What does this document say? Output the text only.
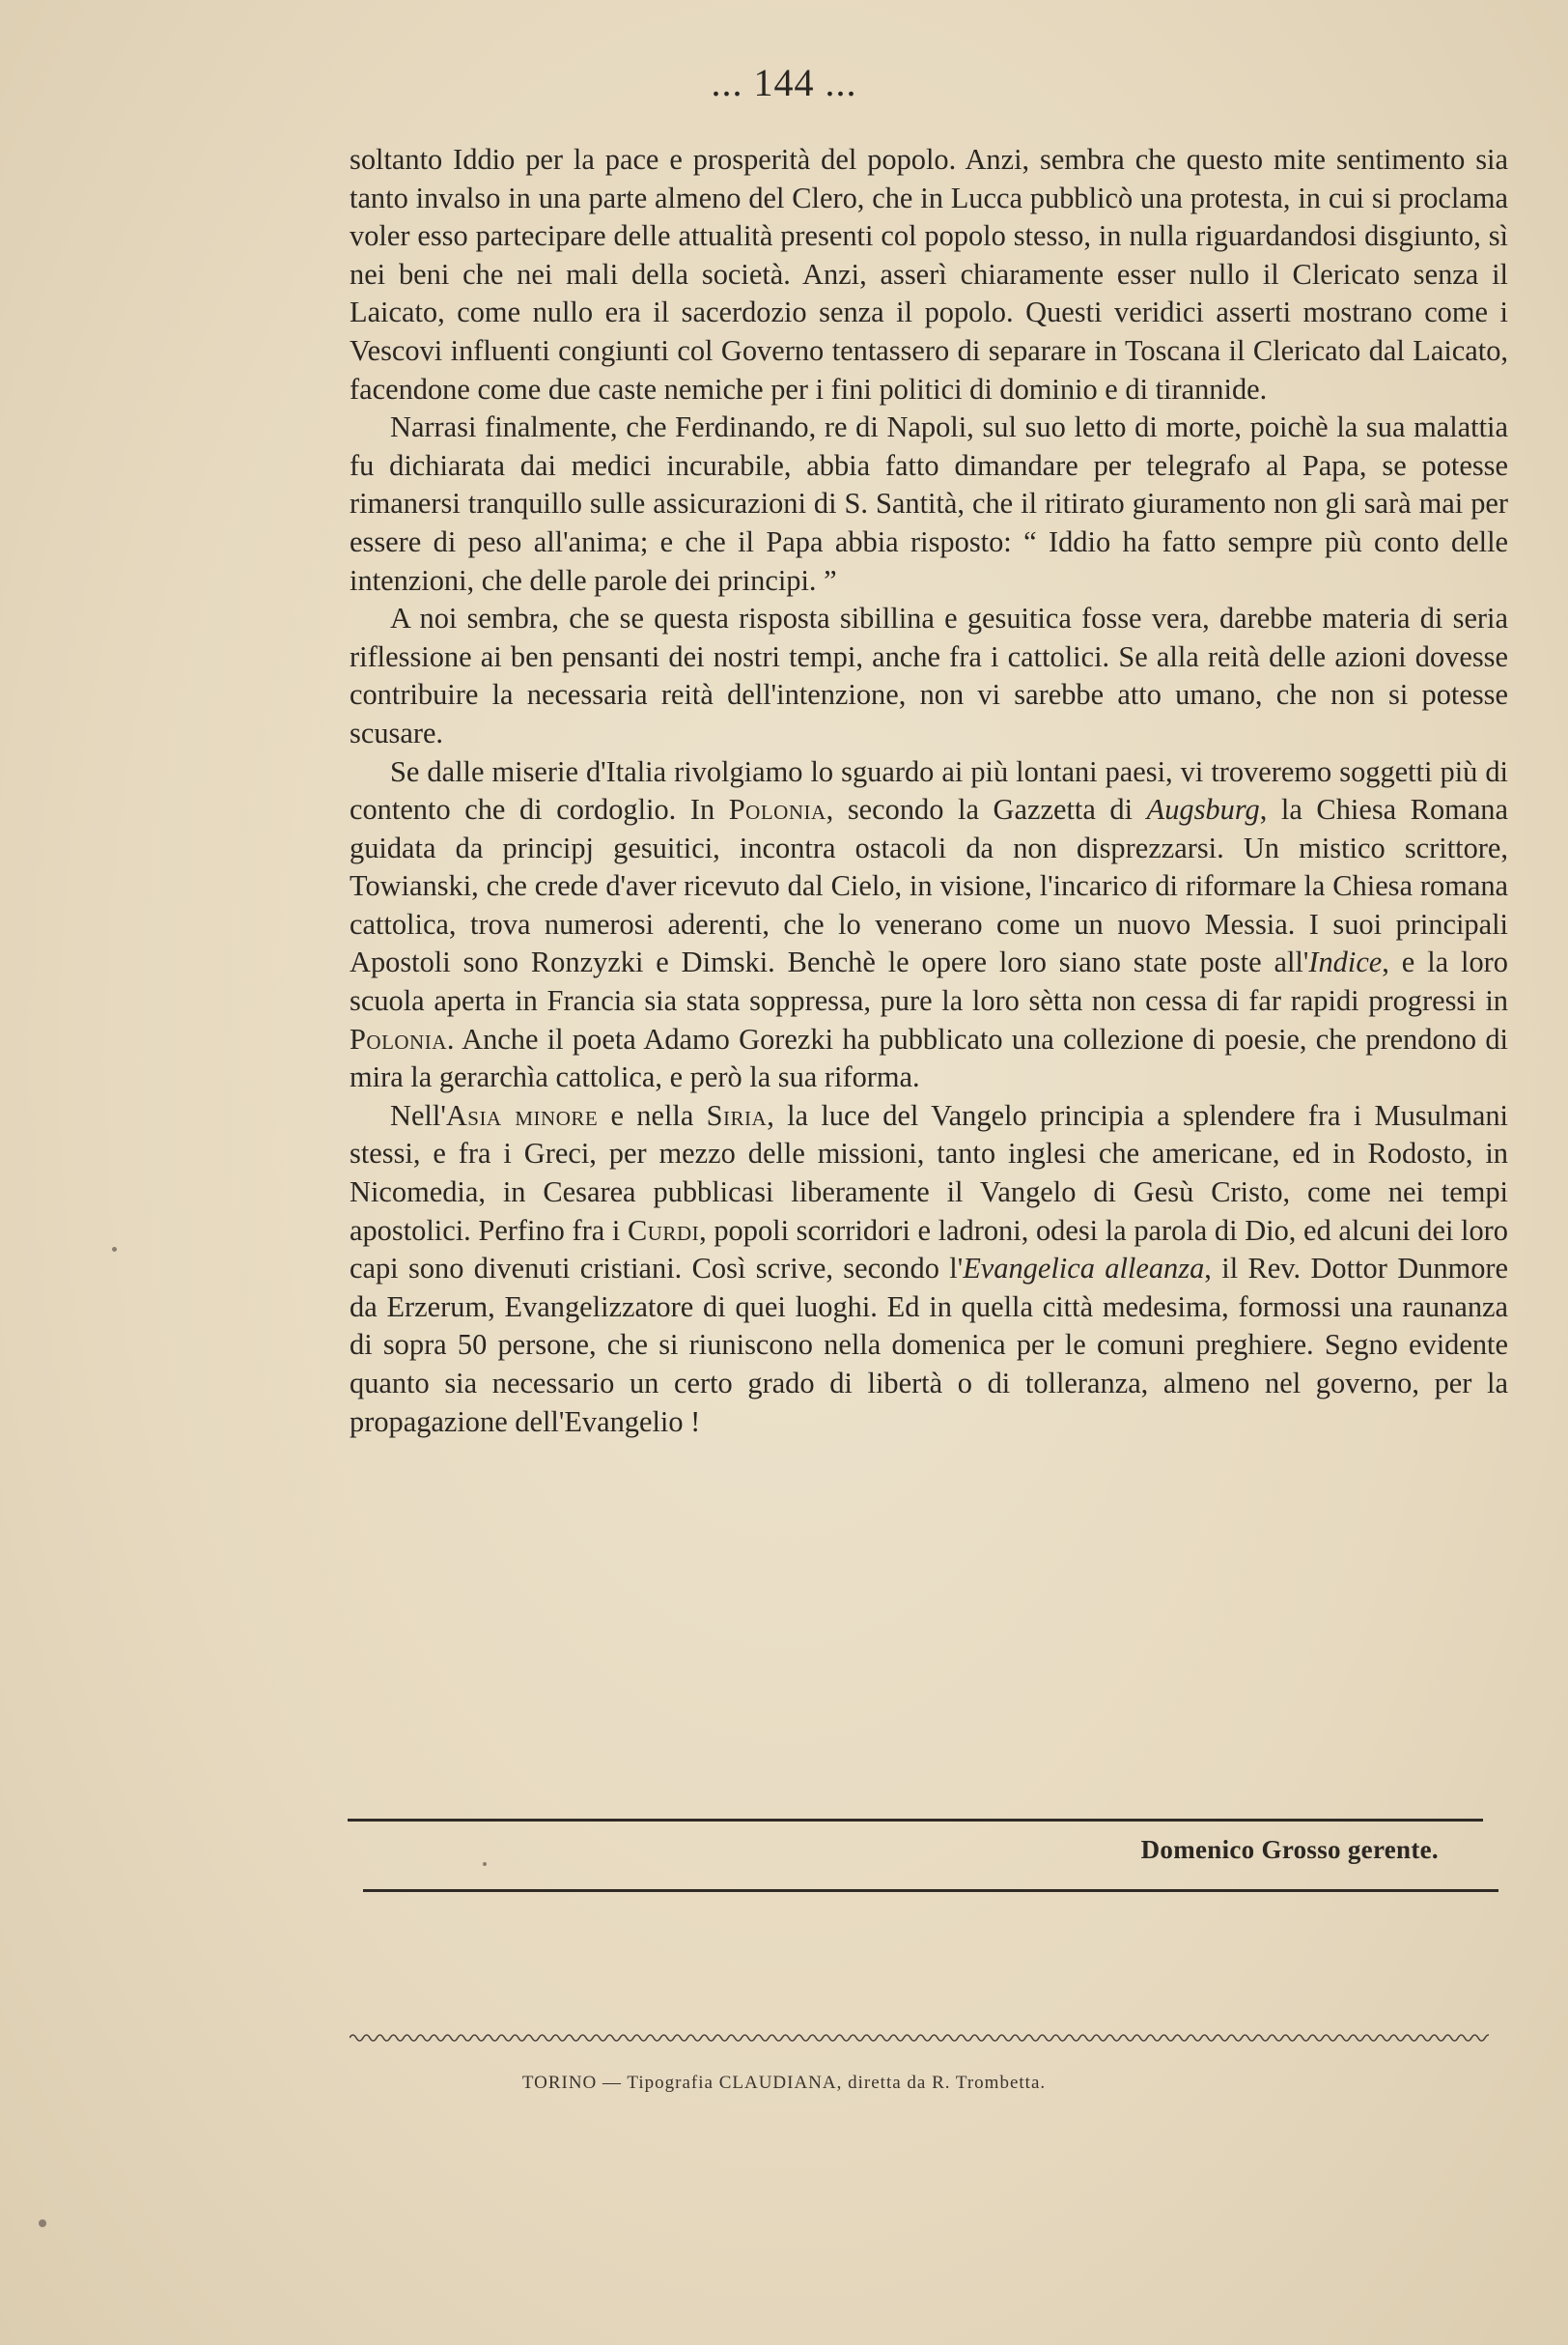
... 144 ...

soltanto Iddio per la pace e prosperità del popolo. Anzi, sembra che questo mite sentimento sia tanto invalso in una parte almeno del Clero, che in Lucca pubblicò una protesta, in cui si proclama voler esso partecipare delle attualità presenti col popolo stesso, in nulla riguardandosi disgiunto, sì nei beni che nei mali della società. Anzi, asserì chiaramente esser nullo il Clericato senza il Laicato, come nullo era il sacerdozio senza il popolo. Questi veridici asserti mostrano come i Vescovi influenti congiunti col Governo tentassero di separare in Toscana il Clericato dal Laicato, facendone come due caste nemiche per i fini politici di dominio e di tirannide.

Narrasi finalmente, che Ferdinando, re di Napoli, sul suo letto di morte, poichè la sua malattia fu dichiarata dai medici incurabile, abbia fatto dimandare per telegrafo al Papa, se potesse rimanersi tranquillo sulle assicurazioni di S. Santità, che il ritirato giuramento non gli sarà mai per essere di peso all'anima; e che il Papa abbia risposto: “ Iddio ha fatto sempre più conto delle intenzioni, che delle parole dei principi. ”

A noi sembra, che se questa risposta sibillina e gesuitica fosse vera, darebbe materia di seria riflessione ai ben pensanti dei nostri tempi, anche fra i cattolici. Se alla reità delle azioni dovesse contribuire la necessaria reità dell'intenzione, non vi sarebbe atto umano, che non si potesse scusare.

Se dalle miserie d'Italia rivolgiamo lo sguardo ai più lontani paesi, vi troveremo soggetti più di contento che di cordoglio. In Polonia, secondo la Gazzetta di Augsburg, la Chiesa Romana guidata da principj gesuitici, incontra ostacoli da non disprezzarsi. Un mistico scrittore, Towianski, che crede d'aver ricevuto dal Cielo, in visione, l'incarico di riformare la Chiesa romana cattolica, trova numerosi aderenti, che lo venerano come un nuovo Messia. I suoi principali Apostoli sono Ronzyzki e Dimski. Benchè le opere loro siano state poste all'Indice, e la loro scuola aperta in Francia sia stata soppressa, pure la loro sètta non cessa di far rapidi progressi in Polonia. Anche il poeta Adamo Gorezki ha pubblicato una collezione di poesie, che prendono di mira la gerarchìa cattolica, e però la sua riforma.

Nell'Asia minore e nella Siria, la luce del Vangelo principia a splendere fra i Musulmani stessi, e fra i Greci, per mezzo delle missioni, tanto inglesi che americane, ed in Rodosto, in Nicomedia, in Cesarea pubblicasi liberamente il Vangelo di Gesù Cristo, come nei tempi apostolici. Perfino fra i Curdi, popoli scorridori e ladroni, odesi la parola di Dio, ed alcuni dei loro capi sono divenuti cristiani. Così scrive, secondo l'Evangelica alleanza, il Rev. Dottor Dunmore da Erzerum, Evangelizzatore di quei luoghi. Ed in quella città medesima, formossi una raunanza di sopra 50 persone, che si riuniscono nella domenica per le comuni preghiere. Segno evidente quanto sia necessario un certo grado di libertà o di tolleranza, almeno nel governo, per la propagazione dell'Evangelio !

Domenico Grosso gerente.
TORINO — Tipografia CLAUDIANA, diretta da R. Trombetta.
